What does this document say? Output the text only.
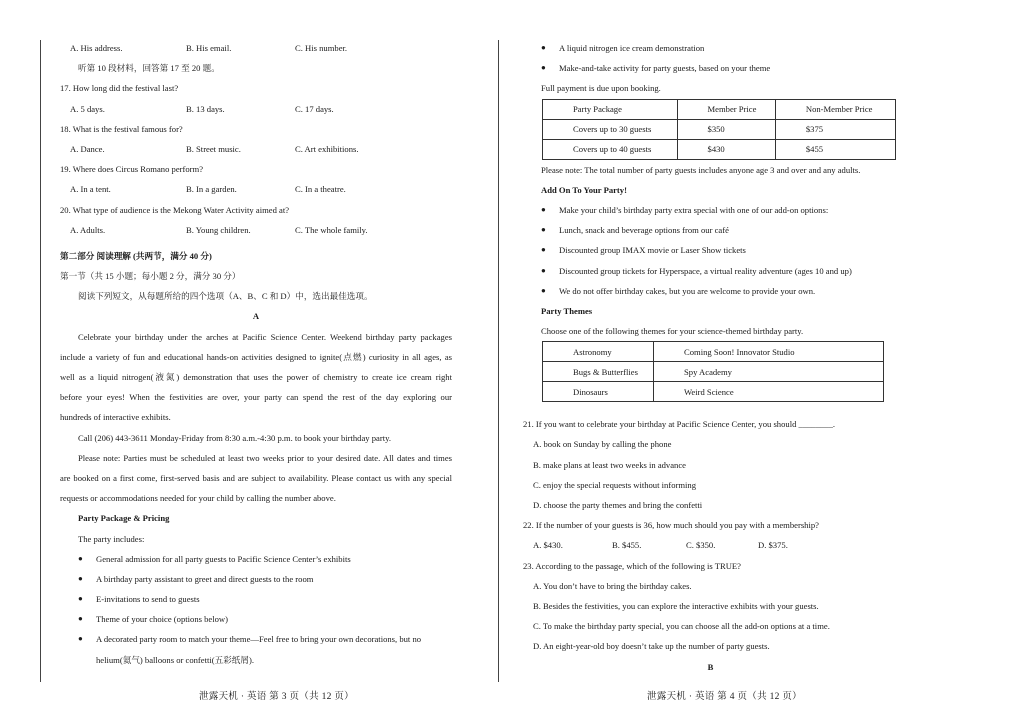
A. His address.	B. His email.	C. His number.
听第 10 段材料，回答第 17 至 20 题。
17. How long did the festival last?
A. 5 days.	B. 13 days.	C. 17 days.
18. What is the festival famous for?
A. Dance.	B. Street music.	C. Art exhibitions.
19. Where does Circus Romano perform?
A. In a tent.	B. In a garden.	C. In a theatre.
20. What type of audience is the Mekong Water Activity aimed at?
A. Adults.	B. Young children.	C. The whole family.
第二部分 阅读理解 (共两节，满分 40 分)
第一节（共 15 小题；每小题 2 分，满分 30 分）
阅读下列短文，从每题所给的四个选项（A、B、C 和 D）中，选出最佳选项。
A
Celebrate your birthday under the arches at Pacific Science Center. Weekend birthday party packages
include a variety of fun and educational hands-on activities designed to ignite(点燃) curiosity in all ages, as
well as a liquid nitrogen(液氮) demonstration that uses the power of chemistry to create ice cream right
before your eyes! When the festivities are over, your party can spend the rest of the day exploring our
hundreds of interactive exhibits.
Call (206) 443-3611 Monday-Friday from 8:30 a.m.-4:30 p.m. to book your birthday party.
Please note: Parties must be scheduled at least two weeks prior to your desired date. All dates and times
are booked on a first come, first-served basis and are subject to availability. Please contact us with any special
requests or accommodations needed for your child by calling the number above.
Party Package & Pricing
The party includes:
● General admission for all party guests to Pacific Science Center’s exhibits
● A birthday party assistant to greet and direct guests to the room
● E-invitations to send to guests
● Theme of your choice (options below)
● A decorated party room to match your theme—Feel free to bring your own decorations, but no
helium(氦气) balloons or confetti(五彩纸屑).
泄露天机 · 英语 第 3 页（共 12 页）
● A liquid nitrogen ice cream demonstration
● Make-and-take activity for party guests, based on your theme
Full payment is due upon booking.
Party Package	Member Price	Non-Member Price
Covers up to 30 guests	$350	$375
Covers up to 40 guests	$430	$455
Please note: The total number of party guests includes anyone age 3 and over and any adults.
Add On To Your Party!
● Make your child’s birthday party extra special with one of our add-on options:
● Lunch, snack and beverage options from our café
● Discounted group IMAX movie or Laser Show tickets
● Discounted group tickets for Hyperspace, a virtual reality adventure (ages 10 and up)
● We do not offer birthday cakes, but you are welcome to provide your own.
Party Themes
Choose one of the following themes for your science-themed birthday party.
Astronomy	Coming Soon! Innovator Studio
Bugs & Butterflies	Spy Academy
Dinosaurs	Weird Science
21. If you want to celebrate your birthday at Pacific Science Center, you should ________.
A. book on Sunday by calling the phone
B. make plans at least two weeks in advance
C. enjoy the special requests without informing
D. choose the party themes and bring the confetti
22. If the number of your guests is 36, how much should you pay with a membership?
A. $430.	B. $455.	C. $350.	D. $375.
23. According to the passage, which of the following is TRUE?
A. You don’t have to bring the birthday cakes.
B. Besides the festivities, you can explore the interactive exhibits with your guests.
C. To make the birthday party special, you can choose all the add-on options at a time.
D. An eight-year-old boy doesn’t take up the number of party guests.
B
泄露天机 · 英语 第 4 页（共 12 页）
